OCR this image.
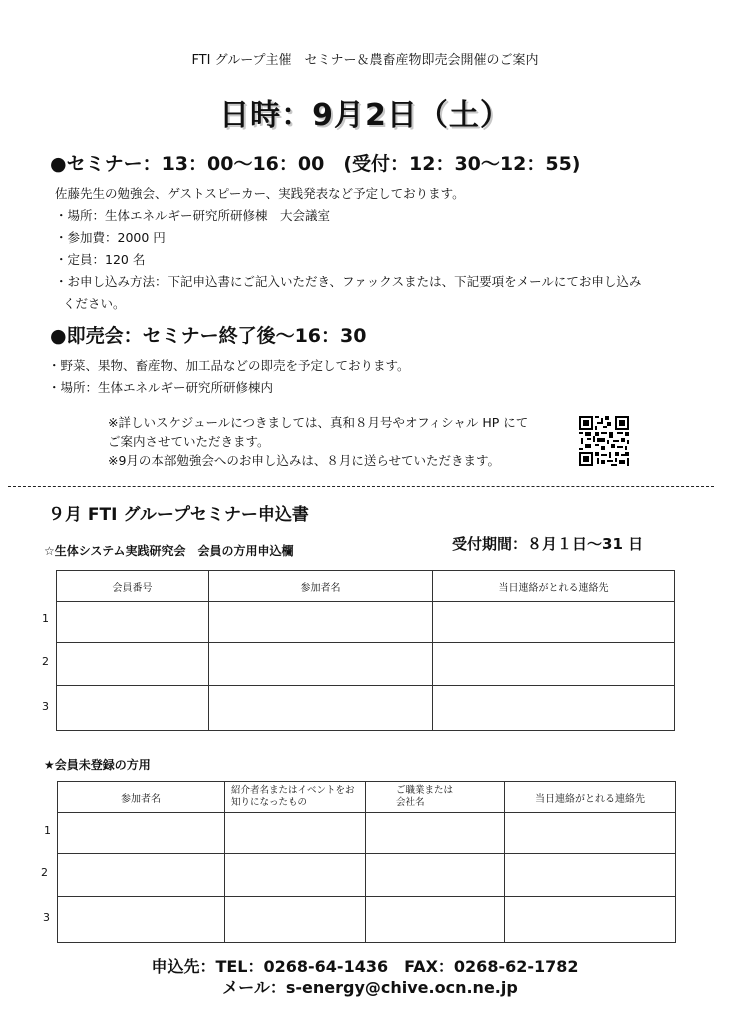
FTI グループ主催　セミナー＆農畜産物即売会開催のご案内
日時：9月2日（土）
●セミナー：13：00〜16：00　(受付：12：30〜12：55)
佐藤先生の勉強会、ゲストスピーカー、実践発表など予定しております。
・場所：生体エネルギー研究所研修棟　大会議室
・参加費：2000 円
・定員：120 名
・お申し込み方法：下記申込書にご記入いただき、ファックスまたは、下記要項をメールにてお申し込み
ください。
●即売会：セミナー終了後〜16：30
・野菜、果物、畜産物、加工品などの即売を予定しております。
・場所：生体エネルギー研究所研修棟内
※詳しいスケジュールにつきましては、真和８月号やオフィシャル HP にて
ご案内させていただきます。
※9月の本部勉強会へのお申し込みは、８月に送らせていただきます。
９月 FTI グループセミナー申込書
受付期間：８月１日〜31 日
☆生体システム実践研究会　会員の方用申込欄
会員番号	参加者名	当日連絡がとれる連絡先

1
2
3
★会員未登録の方用
参加者名	紹介者名またはイベントをお知りになったもの	ご職業または会社名	当日連絡がとれる連絡先

1
2
3
申込先：TEL：0268-64-1436　FAX：0268-62-1782
メール：s-energy@chive.ocn.ne.jp
